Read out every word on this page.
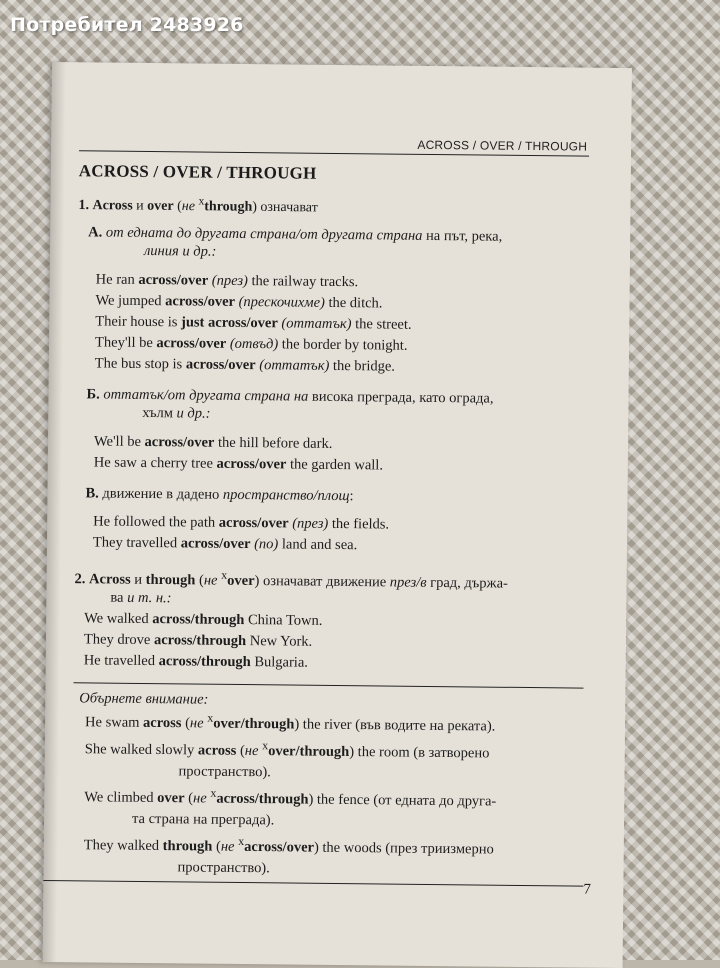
Потребител 2483926
ACROSS / OVER / THROUGH
ACROSS / OVER / THROUGH

1. Across и over (не $^x$through) означават

А. от едната до другата страна/от другата страна на път, река,

линия и др.:

He ran across/over (през) the railway tracks.

We jumped across/over (прескочихме) the ditch.

Their house is just across/over (оттатък) the street.

They'll be across/over (отвъд) the border by tonight.

The bus stop is across/over (оттатък) the bridge.

Б. оттатък/от другата страна на висока преграда, като ограда,

хълм и др.:

We'll be across/over the hill before dark.

He saw a cherry tree across/over the garden wall.

В. движение в дадено пространство/площ:

He followed the path across/over (през) the fields.

They travelled across/over (по) land and sea.

2. Across и through (не $^x$over) означават движение през/в град, държа-

ва и т. н.:

We walked across/through China Town.

They drove across/through New York.

He travelled across/through Bulgaria.

Обърнете внимание:

He swam across (не $^x$over/through) the river (във водите на реката).

She walked slowly across (не $^x$over/through) the room (в затворено

пространство).

We climbed over (не $^x$across/through) the fence (от едната до друга-

та страна на преграда).

They walked through (не $^x$across/over) the woods (през триизмерно

пространство).

7
